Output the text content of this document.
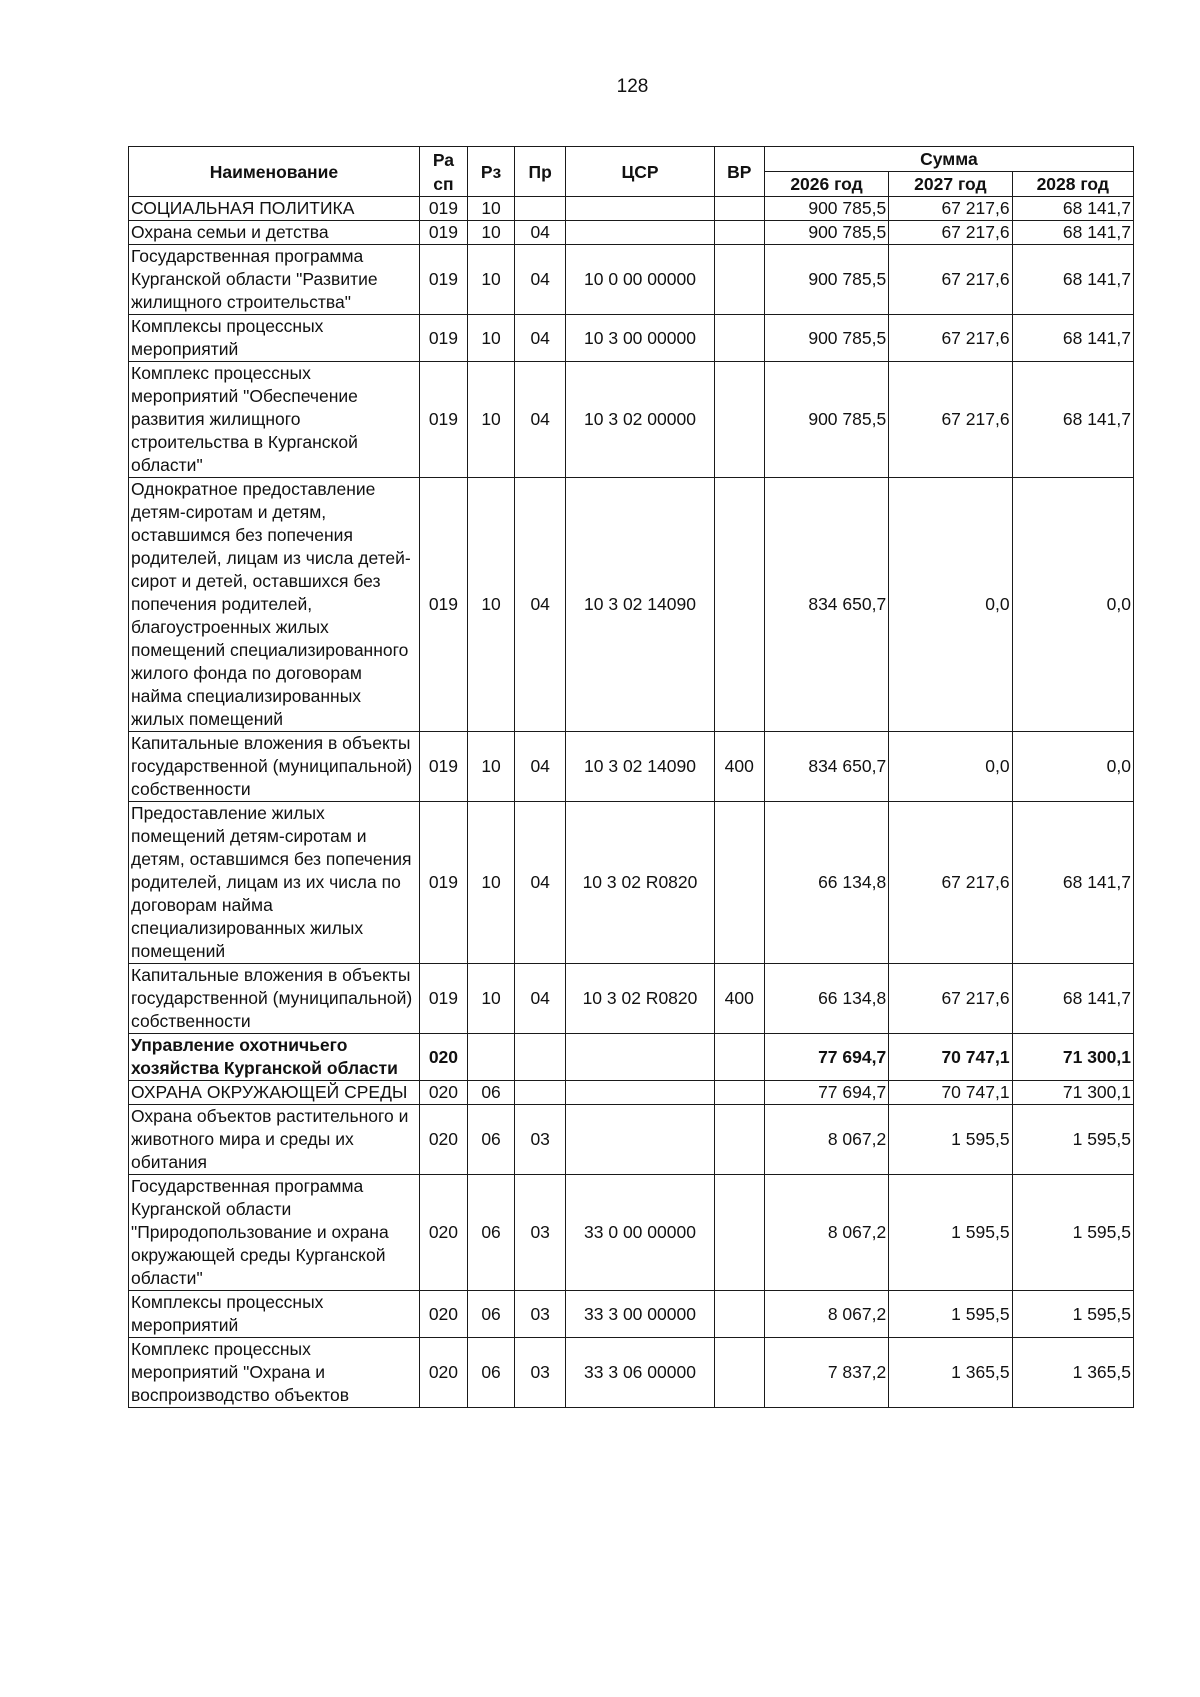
128
Наименование	Ра сп	Рз	Пр	ЦСР	ВР	Сумма		
						2026 год	2027 год	2028 год
СОЦИАЛЬНАЯ ПОЛИТИКА	019	10				900 785,5	67 217,6	68 141,7
Охрана семьи и детства	019	10	04			900 785,5	67 217,6	68 141,7
Государственная программа Курганской области "Развитие жилищного строительства"	019	10	04	10 0 00 00000		900 785,5	67 217,6	68 141,7
Комплексы процессных мероприятий	019	10	04	10 3 00 00000		900 785,5	67 217,6	68 141,7
Комплекс процессных мероприятий "Обеспечение развития жилищного строительства в Курганской области"	019	10	04	10 3 02 00000		900 785,5	67 217,6	68 141,7
Однократное предоставление детям-сиротам и детям, оставшимся без попечения родителей, лицам из числа детей-сирот и детей, оставшихся без попечения родителей, благоустроенных жилых помещений специализированного жилого фонда по договорам найма специализированных жилых помещений	019	10	04	10 3 02 14090		834 650,7	0,0	0,0
Капитальные вложения в объекты государственной (муниципальной) собственности	019	10	04	10 3 02 14090	400	834 650,7	0,0	0,0
Предоставление жилых помещений детям-сиротам и детям, оставшимся без попечения родителей, лицам из их числа по договорам найма специализированных жилых помещений	019	10	04	10 3 02 R0820		66 134,8	67 217,6	68 141,7
Капитальные вложения в объекты государственной (муниципальной) собственности	019	10	04	10 3 02 R0820	400	66 134,8	67 217,6	68 141,7
Управление охотничьего хозяйства Курганской области	020					77 694,7	70 747,1	71 300,1
ОХРАНА ОКРУЖАЮЩЕЙ СРЕДЫ	020	06				77 694,7	70 747,1	71 300,1
Охрана объектов растительного и животного мира и среды их обитания	020	06	03			8 067,2	1 595,5	1 595,5
Государственная программа Курганской области "Природопользование и охрана окружающей среды Курганской области"	020	06	03	33 0 00 00000		8 067,2	1 595,5	1 595,5
Комплексы процессных мероприятий	020	06	03	33 3 00 00000		8 067,2	1 595,5	1 595,5
Комплекс процессных мероприятий "Охрана и воспроизводство объектов	020	06	03	33 3 06 00000		7 837,2	1 365,5	1 365,5
